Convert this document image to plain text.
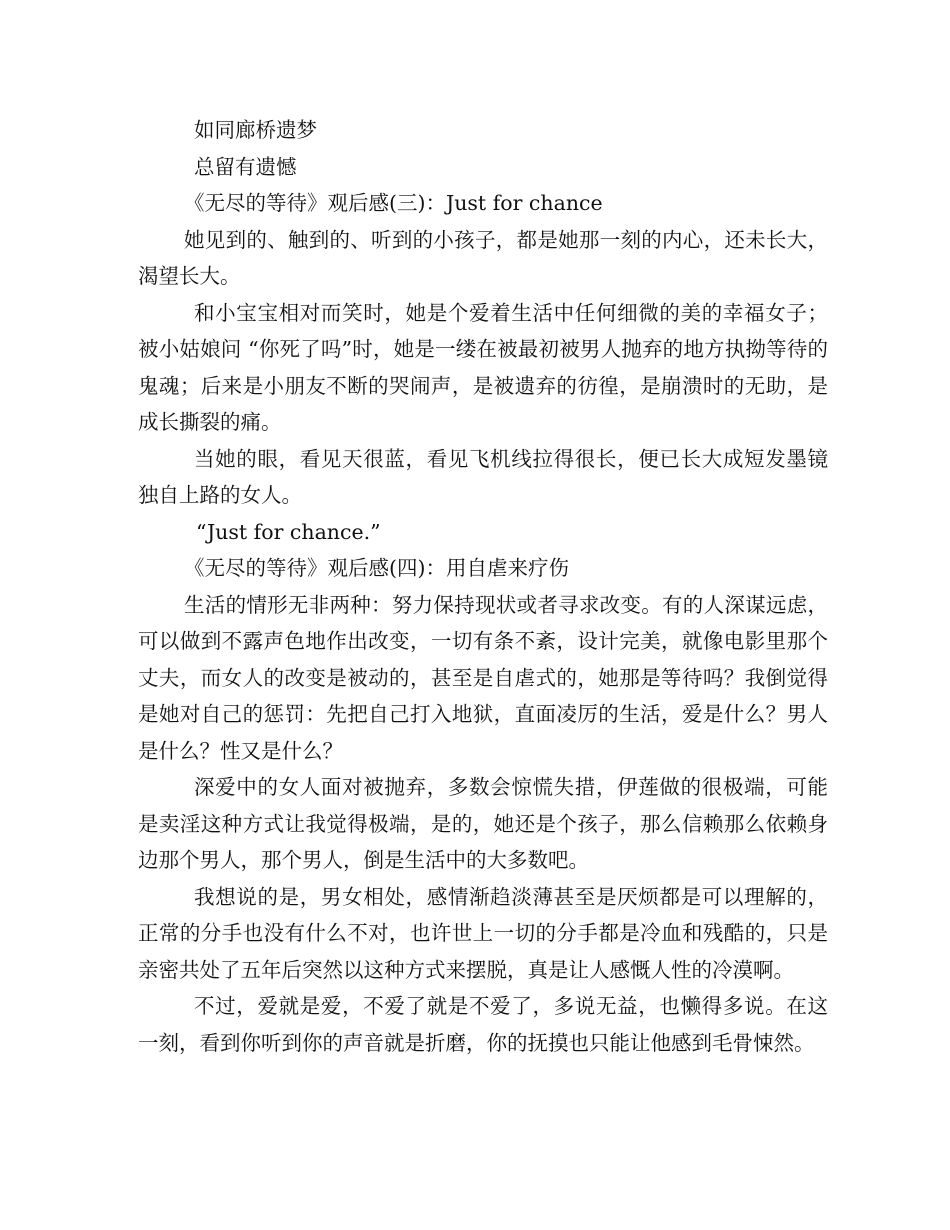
如同廊桥遗梦

总留有遗憾

《无尽的等待》观后感(三)：Just for chance

她见到的、触到的、听到的小孩子，都是她那一刻的内心，还未长大，渴望长大。

和小宝宝相对而笑时，她是个爱着生活中任何细微的美的幸福女子；被小姑娘问 “你死了吗”时，她是一缕在被最初被男人抛弃的地方执拗等待的鬼魂；后来是小朋友不断的哭闹声，是被遗弃的彷徨，是崩溃时的无助，是成长撕裂的痛。

当她的眼，看见天很蓝，看见飞机线拉得很长，便已长大成短发墨镜独自上路的女人。

“Just for chance.”

《无尽的等待》观后感(四)：用自虐来疗伤

生活的情形无非两种：努力保持现状或者寻求改变。有的人深谋远虑，可以做到不露声色地作出改变，一切有条不紊，设计完美，就像电影里那个丈夫，而女人的改变是被动的，甚至是自虐式的，她那是等待吗？我倒觉得是她对自己的惩罚：先把自己打入地狱，直面凌厉的生活，爱是什么？男人是什么？性又是什么？

深爱中的女人面对被抛弃，多数会惊慌失措，伊莲做的很极端，可能是卖淫这种方式让我觉得极端，是的，她还是个孩子，那么信赖那么依赖身边那个男人，那个男人，倒是生活中的大多数吧。

我想说的是，男女相处，感情渐趋淡薄甚至是厌烦都是可以理解的，正常的分手也没有什么不对，也许世上一切的分手都是冷血和残酷的，只是亲密共处了五年后突然以这种方式来摆脱，真是让人感慨人性的冷漠啊。

不过，爱就是爱，不爱了就是不爱了，多说无益，也懒得多说。在这一刻，看到你听到你的声音就是折磨，你的抚摸也只能让他感到毛骨悚然。
